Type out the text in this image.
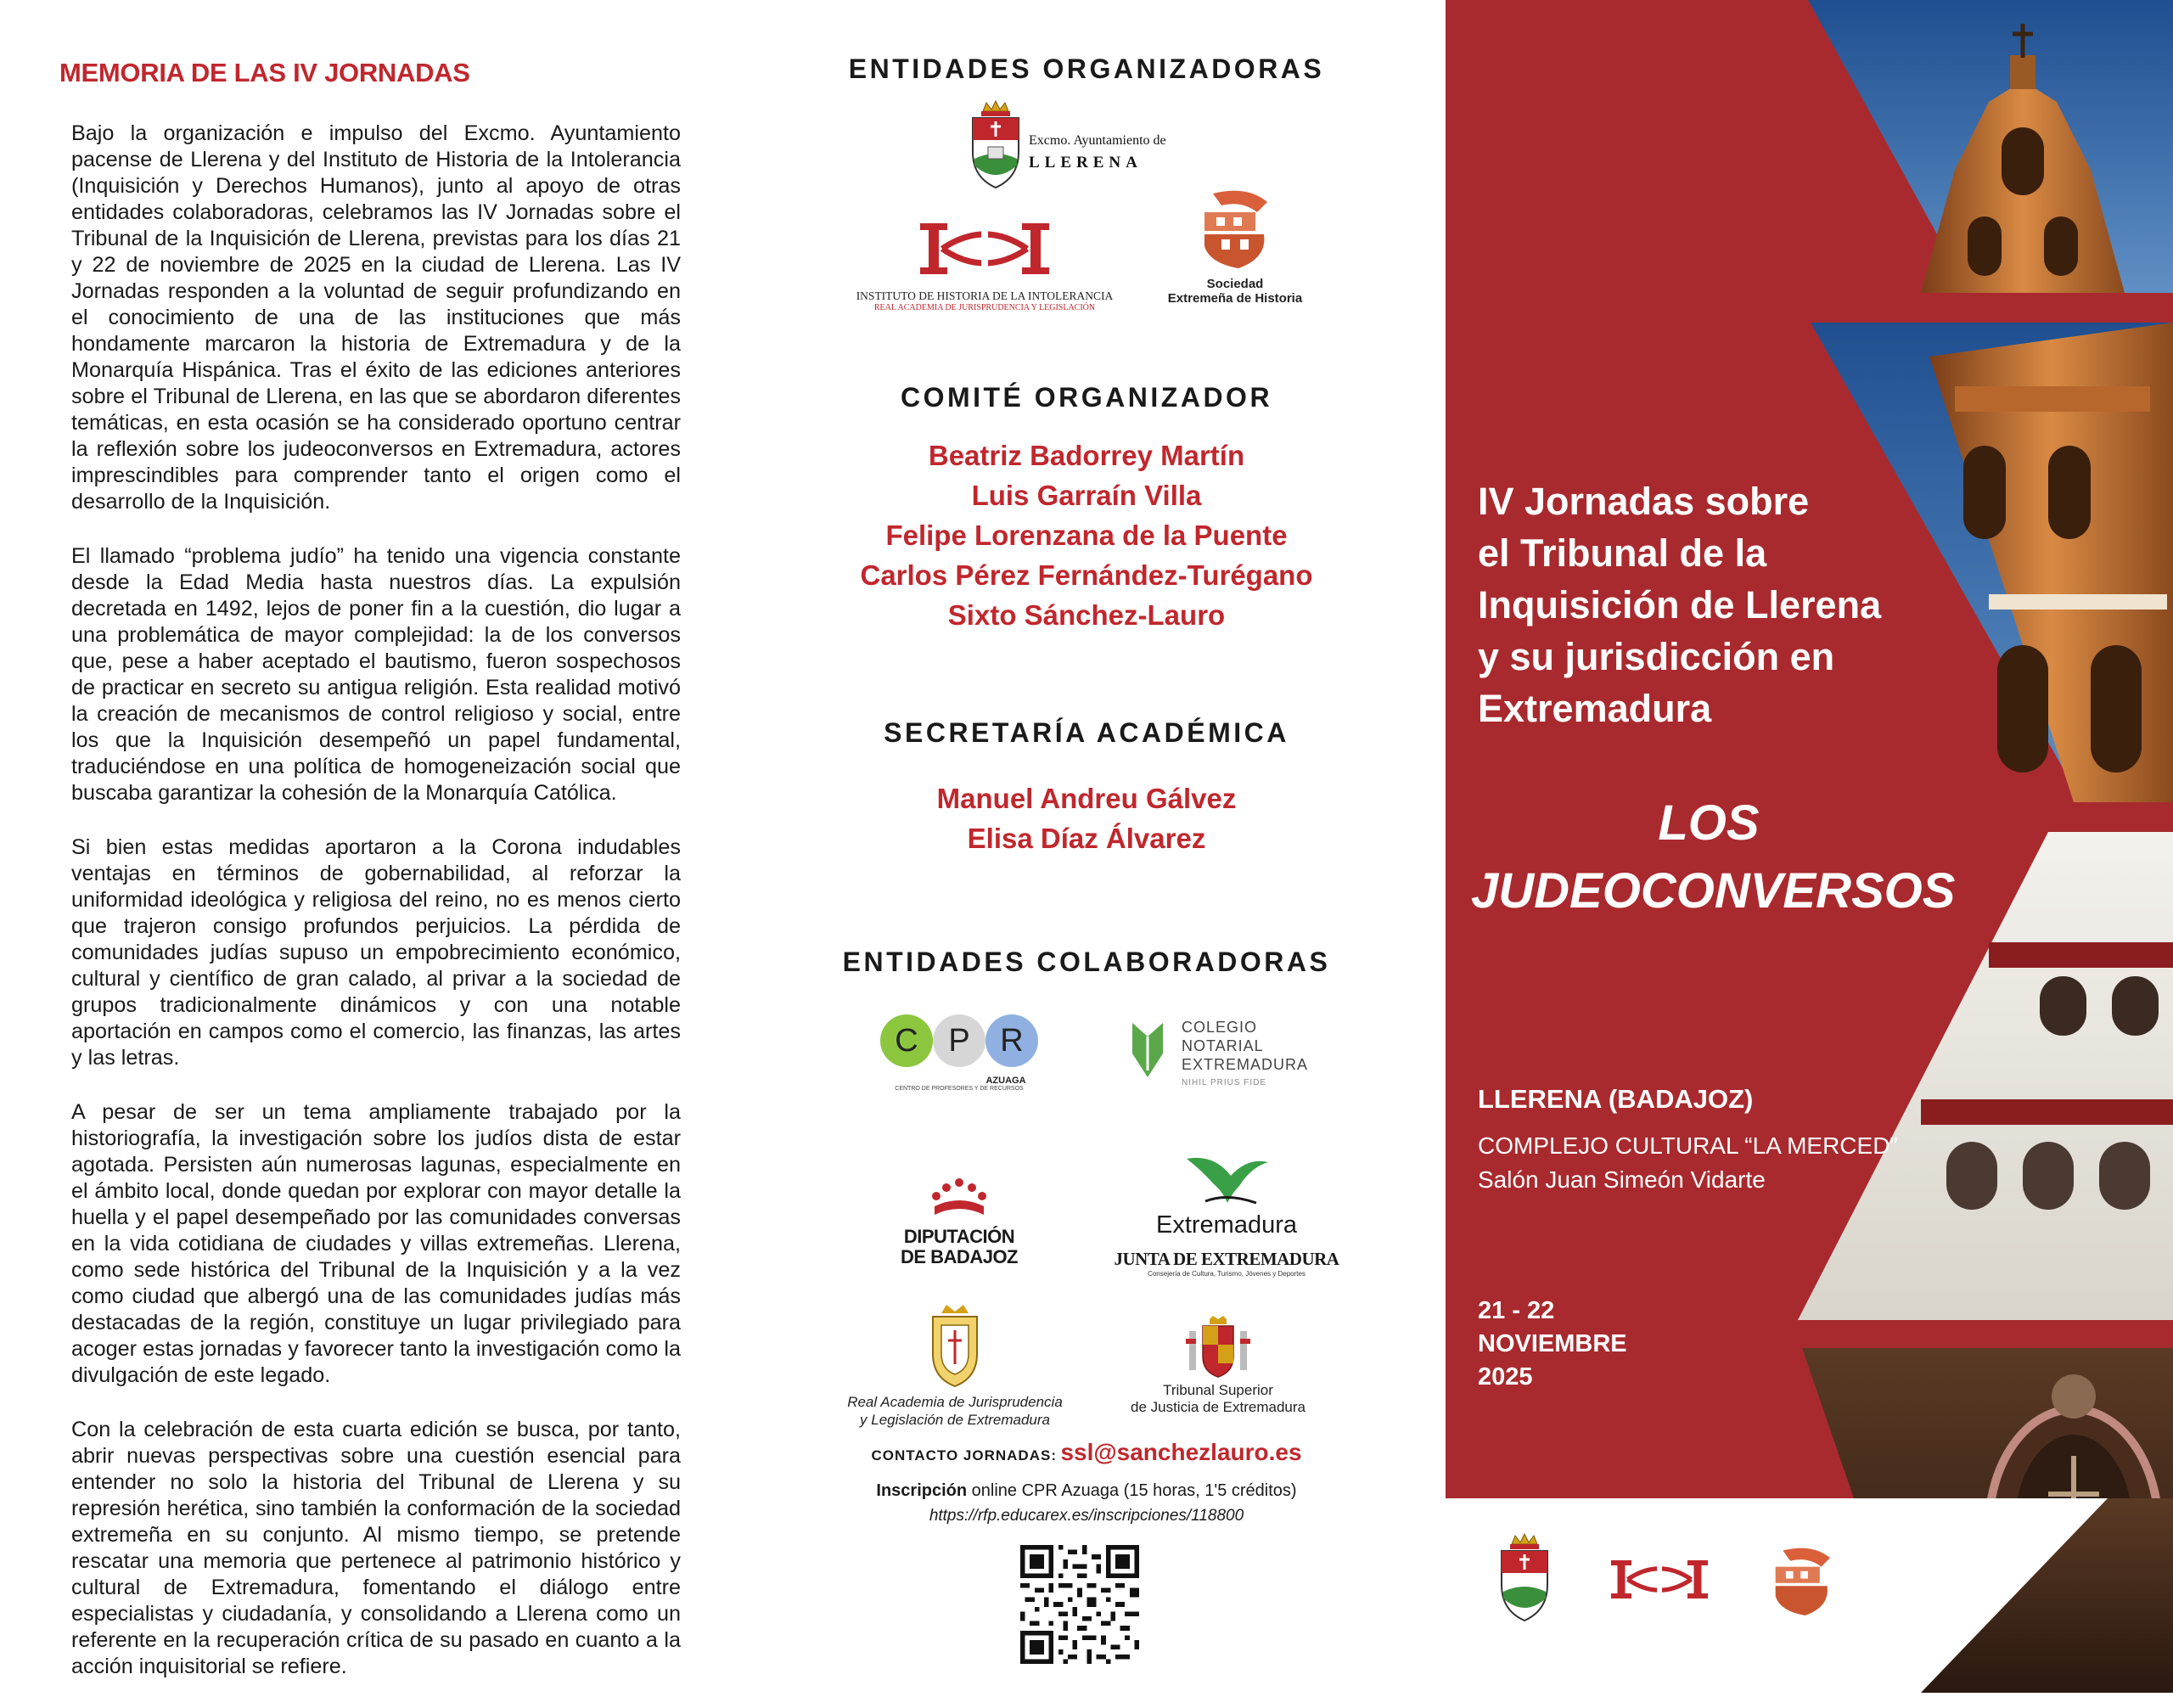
MEMORIA DE LAS IV JORNADAS

Bajo la organización e impulso del Excmo. Ayuntamiento pacense de Llerena y del Instituto de Historia de la Intolerancia (Inquisición y Derechos Humanos), junto al apoyo de otras entidades colaboradoras, celebramos las IV Jornadas sobre el Tribunal de la Inquisición de Llerena, previstas para los días 21 y 22 de noviembre de 2025 en la ciudad de Llerena. Las IV Jornadas responden a la voluntad de seguir profundizando en el conocimiento de una de las instituciones que más hondamente marcaron la historia de Extremadura y de la Monarquía Hispánica. Tras el éxito de las ediciones anteriores sobre el Tribunal de Llerena, en las que se abordaron diferentes temáticas, en esta ocasión se ha considerado oportuno centrar la reflexión sobre los judeoconversos en Extremadura, actores imprescindibles para comprender tanto el origen como el desarrollo de la Inquisición.

El llamado “problema judío” ha tenido una vigencia constante desde la Edad Media hasta nuestros días. La expulsión decretada en 1492, lejos de poner fin a la cuestión, dio lugar a una problemática de mayor complejidad: la de los conversos que, pese a haber aceptado el bautismo, fueron sospechosos de practicar en secreto su antigua religión. Esta realidad motivó la creación de mecanismos de control religioso y social, entre los que la Inquisición desempeñó un papel fundamental, traduciéndose en una política de homogeneización social que buscaba garantizar la cohesión de la Monarquía Católica.

Si bien estas medidas aportaron a la Corona indudables ventajas en términos de gobernabilidad, al reforzar la uniformidad ideológica y religiosa del reino, no es menos cierto que trajeron consigo profundos perjuicios. La pérdida de comunidades judías supuso un empobrecimiento económico, cultural y científico de gran calado, al privar a la sociedad de grupos tradicionalmente dinámicos y con una notable aportación en campos como el comercio, las finanzas, las artes y las letras.

A pesar de ser un tema ampliamente trabajado por la historiografía, la investigación sobre los judíos dista de estar agotada. Persisten aún numerosas lagunas, especialmente en el ámbito local, donde quedan por explorar con mayor detalle la huella y el papel desempeñado por las comunidades conversas en la vida cotidiana de ciudades y villas extremeñas. Llerena, como sede histórica del Tribunal de la Inquisición y a la vez como ciudad que albergó una de las comunidades judías más destacadas de la región, constituye un lugar privilegiado para acoger estas jornadas y favorecer tanto la investigación como la divulgación de este legado.

Con la celebración de esta cuarta edición se busca, por tanto, abrir nuevas perspectivas sobre una cuestión esencial para entender no solo la historia del Tribunal de Llerena y su represión herética, sino también la conformación de la sociedad extremeña en su conjunto. Al mismo tiempo, se pretende rescatar una memoria que pertenece al patrimonio histórico y cultural de Extremadura, fomentando el diálogo entre especialistas y ciudadanía, y consolidando a Llerena como un referente en la recuperación crítica de su pasado en cuanto a la acción inquisitorial se refiere.

ENTIDADES ORGANIZADORAS
Excmo. Ayuntamiento de
LLERENA
INSTITUTO DE HISTORIA DE LA INTOLERANCIA
REAL ACADEMIA DE JURISPRUDENCIA Y LEGISLACIÓN
Sociedad
Extremeña de Historia
COMITÉ ORGANIZADOR
Beatriz Badorrey Martín
Luis Garraín Villa
Felipe Lorenzana de la Puente
Carlos Pérez Fernández-Turégano
Sixto Sánchez-Lauro
SECRETARÍA ACADÉMICA
Manuel Andreu Gálvez
Elisa Díaz Álvarez
ENTIDADES COLABORADORAS
C P R
AZUAGA
CENTRO DE PROFESORES Y DE RECURSOS
COLEGIO
NOTARIAL
EXTREMADURA
NIHIL PRIUS FIDE
DIPUTACIÓN
DE BADAJOZ
Extremadura
JUNTA DE EXTREMADURA
Consejería de Cultura, Turismo, Jóvenes y Deportes
Real Academia de Jurisprudencia
y Legislación de Extremadura
Tribunal Superior
de Justicia de Extremadura
CONTACTO JORNADAS: ssl@sanchezlauro.es
Inscripción online CPR Azuaga (15 horas, 1'5 créditos)
https://rfp.educarex.es/inscripciones/118800
IV Jornadas sobre
el Tribunal de la
Inquisición de Llerena
y su jurisdicción en
Extremadura
LOS
JUDEOCONVERSOS
LLERENA (BADAJOZ)
COMPLEJO CULTURAL “LA MERCED”
Salón Juan Simeón Vidarte
21 - 22
NOVIEMBRE
2025
